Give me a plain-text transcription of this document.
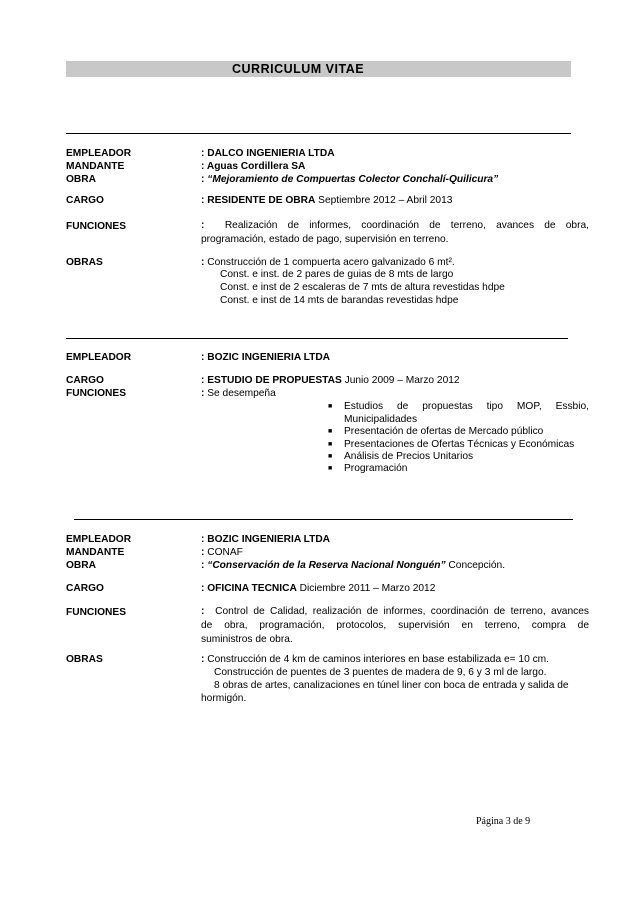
CURRICULUM VITAE
EMPLEADOR	: DALCO INGENIERIA LTDA
MANDANTE	: Aguas Cordillera SA
OBRA	: “Mejoramiento de Compuertas Colector Conchalí-Quilicura”
CARGO	: RESIDENTE DE OBRA Septiembre 2012 – Abril 2013
FUNCIONES	: Realización de informes, coordinación de terreno, avances de obra,
programación, estado de pago, supervisión en terreno.
OBRAS	: Construcción de 1 compuerta acero galvanizado 6 mt².
Const. e inst. de 2 pares de guias de 8 mts de largo
Const. e inst de 2 escaleras de 7 mts de altura revestidas hdpe
Const. e inst de 14 mts de barandas revestidas hdpe
EMPLEADOR	: BOZIC INGENIERIA LTDA
CARGO	: ESTUDIO DE PROPUESTAS Junio 2009 – Marzo 2012
FUNCIONES	: Se desempeña
■ Estudios de propuestas tipo MOP, Essbio,
Municipalidades
■ Presentación de ofertas de Mercado público
■ Presentaciones de Ofertas Técnicas y Económicas
■ Análisis de Precios Unitarios
■ Programación
EMPLEADOR	: BOZIC INGENIERIA LTDA
MANDANTE	: CONAF
OBRA	: “Conservación de la Reserva Nacional Nonguén” Concepción.
CARGO	: OFICINA TECNICA Diciembre 2011 – Marzo 2012
FUNCIONES	: Control de Calidad, realización de informes, coordinación de terreno, avances
de obra, programación, protocolos, supervisión en terreno, compra de
suministros de obra.
OBRAS	: Construcción de 4 km de caminos interiores en base estabilizada e= 10 cm.
Construcción de puentes de 3 puentes de madera de 9, 6 y 3 ml de largo.
8 obras de artes, canalizaciones en túnel liner con boca de entrada y salida de
hormigón.
Página 3 de 9
